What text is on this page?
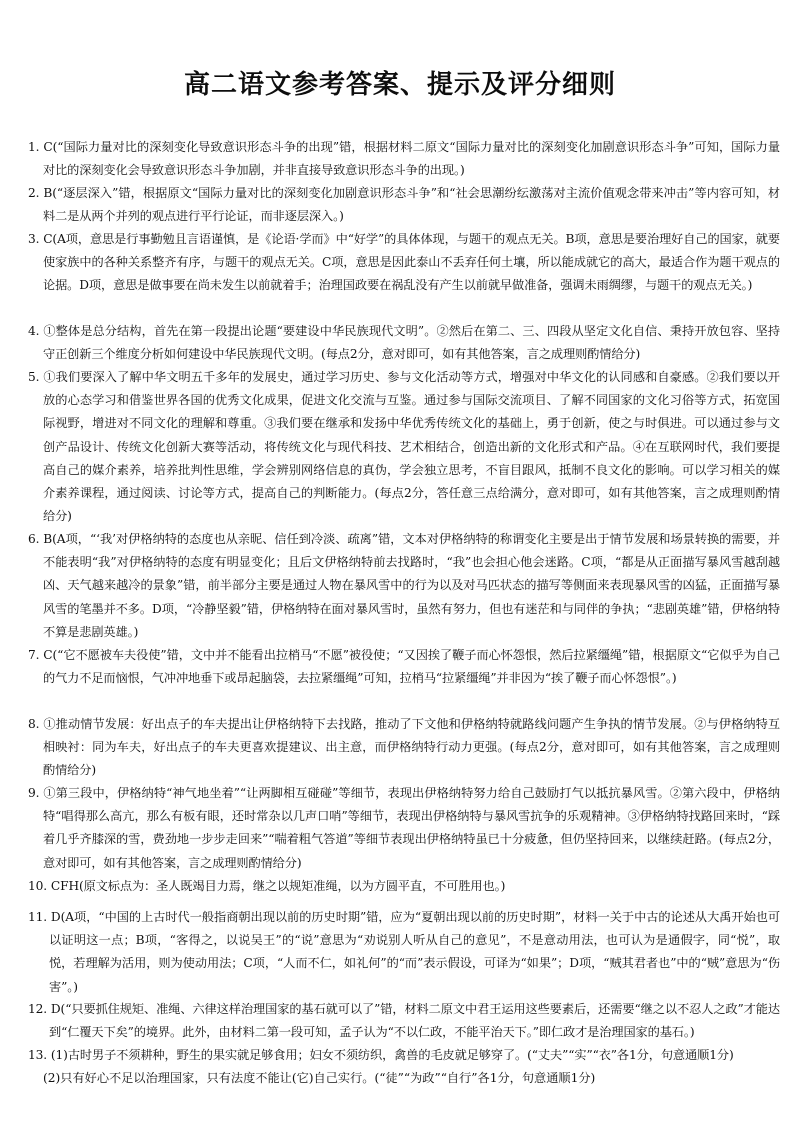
高二语文参考答案、提示及评分细则

1. C(“国际力量对比的深刻变化导致意识形态斗争的出现”错，根据材料二原文“国际力量对比的深刻变化加剧意识形态斗争”可知，国际力量对比的深刻变化会导致意识形态斗争加剧，并非直接导致意识形态斗争的出现。)

2. B(“逐层深入”错，根据原文“国际力量对比的深刻变化加剧意识形态斗争”和“社会思潮纷纭激荡对主流价值观念带来冲击”等内容可知，材料二是从两个并列的观点进行平行论证，而非逐层深入。)

3. C(A项，意思是行事勤勉且言语谨慎，是《论语·学而》中“好学”的具体体现，与题干的观点无关。B项，意思是要治理好自己的国家，就要使家族中的各种关系整齐有序，与题干的观点无关。C项，意思是因此泰山不丢弃任何土壤，所以能成就它的高大，最适合作为题干观点的论据。D项，意思是做事要在尚未发生以前就着手；治理国政要在祸乱没有产生以前就早做准备，强调未雨绸缪，与题干的观点无关。)

4. ①整体是总分结构，首先在第一段提出论题“要建设中华民族现代文明”。②然后在第二、三、四段从坚定文化自信、秉持开放包容、坚持守正创新三个维度分析如何建设中华民族现代文明。(每点2分，意对即可，如有其他答案，言之成理则酌情给分)

5. ①我们要深入了解中华文明五千多年的发展史，通过学习历史、参与文化活动等方式，增强对中华文化的认同感和自豪感。②我们要以开放的心态学习和借鉴世界各国的优秀文化成果，促进文化交流与互鉴。通过参与国际交流项目、了解不同国家的文化习俗等方式，拓宽国际视野，增进对不同文化的理解和尊重。③我们要在继承和发扬中华优秀传统文化的基础上，勇于创新，使之与时俱进。可以通过参与文创产品设计、传统文化创新大赛等活动，将传统文化与现代科技、艺术相结合，创造出新的文化形式和产品。④在互联网时代，我们要提高自己的媒介素养，培养批判性思维，学会辨别网络信息的真伪，学会独立思考，不盲目跟风，抵制不良文化的影响。可以学习相关的媒介素养课程，通过阅读、讨论等方式，提高自己的判断能力。(每点2分，答任意三点给满分，意对即可，如有其他答案，言之成理则酌情给分)

6. B(A项，“‘我’对伊格纳特的态度也从亲昵、信任到冷淡、疏离”错，文本对伊格纳特的称谓变化主要是出于情节发展和场景转换的需要，并不能表明“我”对伊格纳特的态度有明显变化；且后文伊格纳特前去找路时，“我”也会担心他会迷路。C项，“都是从正面描写暴风雪越刮越凶、天气越来越冷的景象”错，前半部分主要是通过人物在暴风雪中的行为以及对马匹状态的描写等侧面来表现暴风雪的凶猛，正面描写暴风雪的笔墨并不多。D项，“冷静坚毅”错，伊格纳特在面对暴风雪时，虽然有努力，但也有迷茫和与同伴的争执；“悲剧英雄”错，伊格纳特不算是悲剧英雄。)

7. C(“它不愿被车夫役使”错，文中并不能看出拉梢马“不愿”被役使；“又因挨了鞭子而心怀怨恨，然后拉紧缰绳”错，根据原文“它似乎为自己的气力不足而恼恨，气冲冲地垂下或昂起脑袋，去拉紧缰绳”可知，拉梢马“拉紧缰绳”并非因为“挨了鞭子而心怀怨恨”。)

8. ①推动情节发展：好出点子的车夫提出让伊格纳特下去找路，推动了下文他和伊格纳特就路线问题产生争执的情节发展。②与伊格纳特互相映衬：同为车夫，好出点子的车夫更喜欢提建议、出主意，而伊格纳特行动力更强。(每点2分，意对即可，如有其他答案，言之成理则酌情给分)

9. ①第三段中，伊格纳特“神气地坐着”“让两脚相互碰碰”等细节，表现出伊格纳特努力给自己鼓励打气以抵抗暴风雪。②第六段中，伊格纳特“唱得那么高亢，那么有板有眼，还时常杂以几声口哨”等细节，表现出伊格纳特与暴风雪抗争的乐观精神。③伊格纳特找路回来时，“踩着几乎齐膝深的雪，费劲地一步步走回来”“喘着粗气答道”等细节表现出伊格纳特虽已十分疲惫，但仍坚持回来，以继续赶路。(每点2分，意对即可，如有其他答案，言之成理则酌情给分)

10. CFH(原文标点为：圣人既竭目力焉，继之以规矩准绳，以为方圆平直，不可胜用也。)

11. D(A项，“中国的上古时代一般指商朝出现以前的历史时期”错，应为“夏朝出现以前的历史时期”，材料一关于中古的论述从大禹开始也可以证明这一点；B项，“客得之，以说吴王”的“说”意思为“劝说别人听从自己的意见”，不是意动用法，也可认为是通假字，同“悦”，取悦，若理解为活用，则为使动用法；C项，“人而不仁，如礼何”的“而”表示假设，可译为“如果”；D项，“贼其君者也”中的“贼”意思为“伤害”。)

12. D(“只要抓住规矩、准绳、六律这样治理国家的基石就可以了”错，材料二原文中君王运用这些要素后，还需要“继之以不忍人之政”才能达到“仁覆天下矣”的境界。此外，由材料二第一段可知，孟子认为“不以仁政，不能平治天下。”即仁政才是治理国家的基石。)

13. (1)古时男子不须耕种，野生的果实就足够食用；妇女不须纺织，禽兽的毛皮就足够穿了。(“丈夫”“实”“衣”各1分，句意通顺1分)

(2)只有好心不足以治理国家，只有法度不能让(它)自己实行。(“徒”“为政”“自行”各1分，句意通顺1分)
